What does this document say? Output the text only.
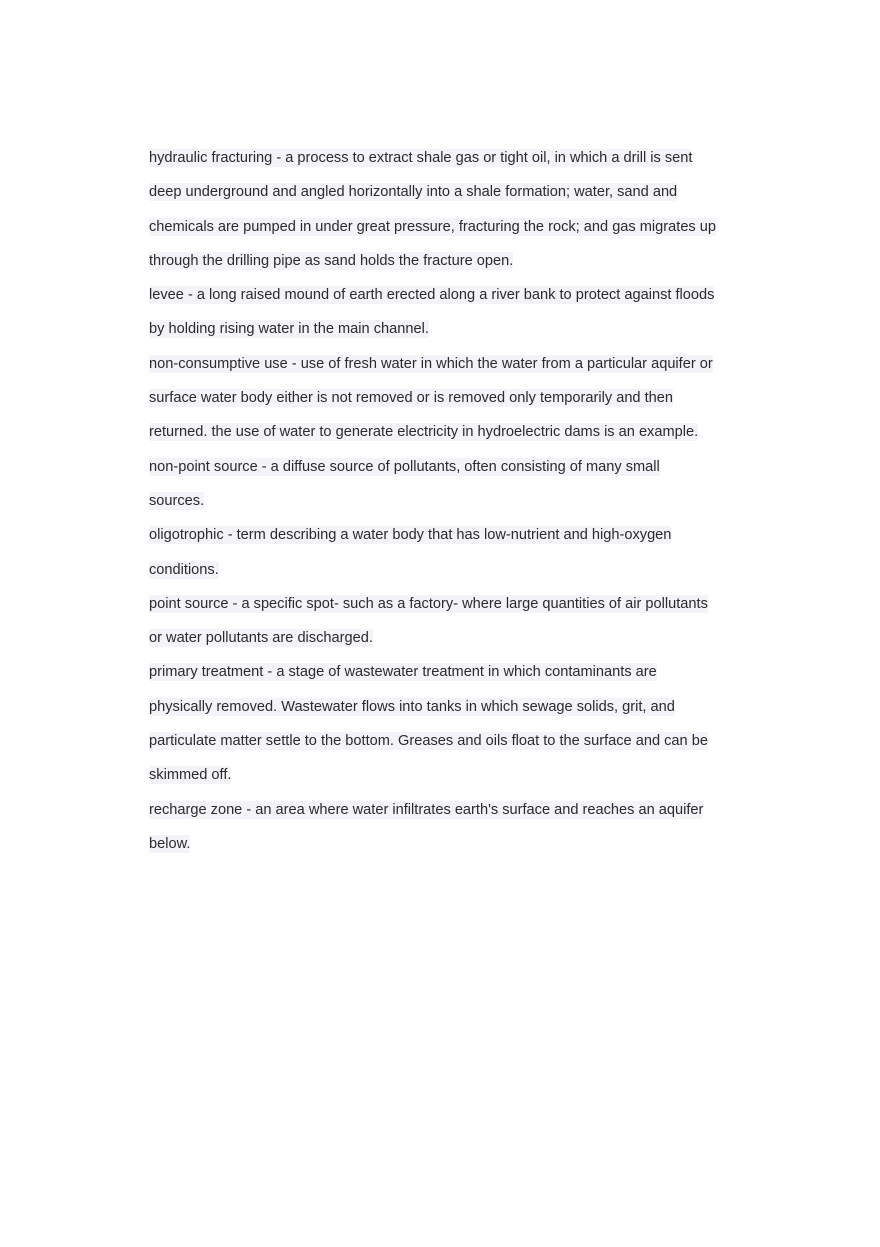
hydraulic fracturing - a process to extract shale gas or tight oil, in which a drill is sent
deep underground and angled horizontally into a shale formation; water, sand and
chemicals are pumped in under great pressure, fracturing the rock; and gas migrates up
through the drilling pipe as sand holds the fracture open.
levee - a long raised mound of earth erected along a river bank to protect against floods
by holding rising water in the main channel.
non-consumptive use - use of fresh water in which the water from a particular aquifer or
surface water body either is not removed or is removed only temporarily and then
returned. the use of water to generate electricity in hydroelectric dams is an example.
non-point source - a diffuse source of pollutants, often consisting of many small
sources.
oligotrophic - term describing a water body that has low-nutrient and high-oxygen
conditions.
point source - a specific spot- such as a factory- where large quantities of air pollutants
or water pollutants are discharged.
primary treatment - a stage of wastewater treatment in which contaminants are
physically removed. Wastewater flows into tanks in which sewage solids, grit, and
particulate matter settle to the bottom. Greases and oils float to the surface and can be
skimmed off.
recharge zone - an area where water infiltrates earth's surface and reaches an aquifer
below.
